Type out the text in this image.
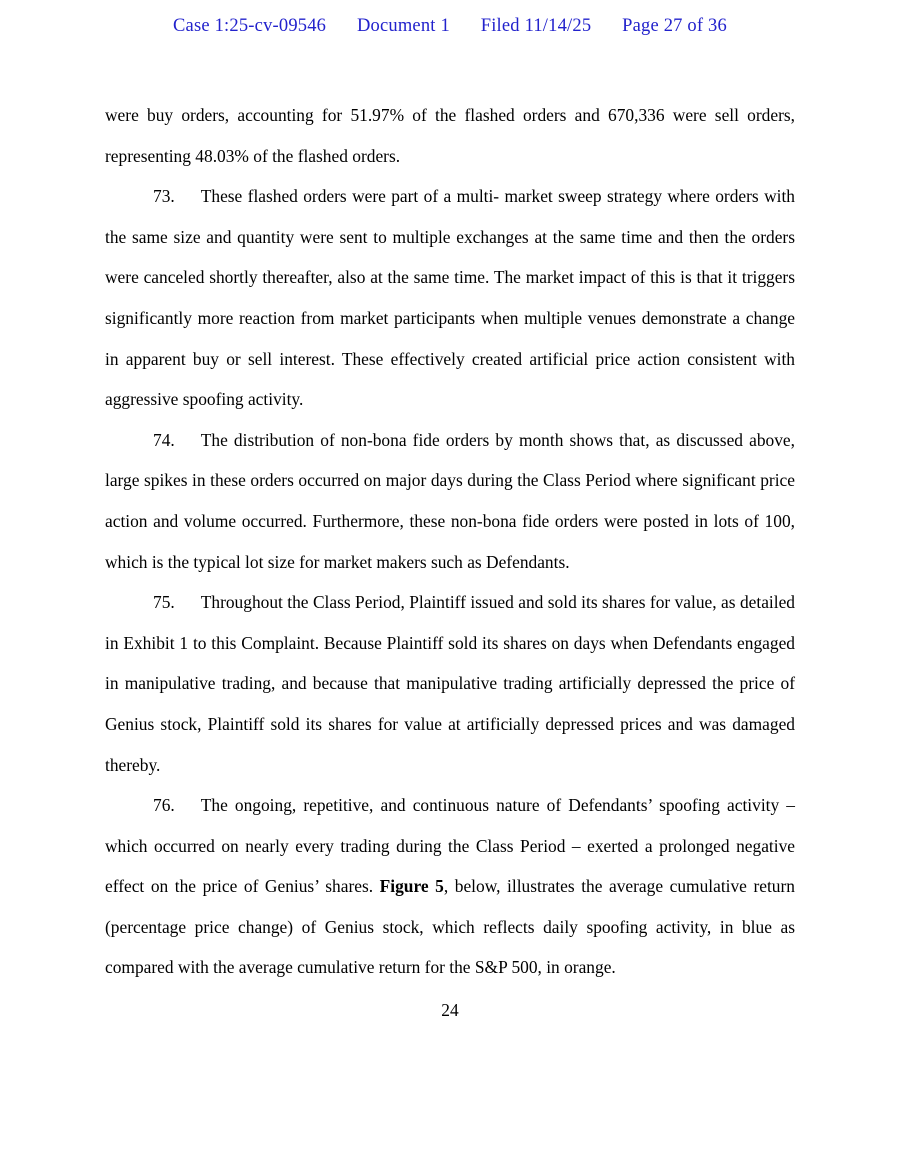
Case 1:25-cv-09546 Document 1 Filed 11/14/25 Page 27 of 36

were buy orders, accounting for 51.97% of the flashed orders and 670,336 were sell orders, representing 48.03% of the flashed orders.

73. These flashed orders were part of a multi- market sweep strategy where orders with the same size and quantity were sent to multiple exchanges at the same time and then the orders were canceled shortly thereafter, also at the same time. The market impact of this is that it triggers significantly more reaction from market participants when multiple venues demonstrate a change in apparent buy or sell interest. These effectively created artificial price action consistent with aggressive spoofing activity.

74. The distribution of non-bona fide orders by month shows that, as discussed above, large spikes in these orders occurred on major days during the Class Period where significant price action and volume occurred. Furthermore, these non-bona fide orders were posted in lots of 100, which is the typical lot size for market makers such as Defendants.

75. Throughout the Class Period, Plaintiff issued and sold its shares for value, as detailed in Exhibit 1 to this Complaint. Because Plaintiff sold its shares on days when Defendants engaged in manipulative trading, and because that manipulative trading artificially depressed the price of Genius stock, Plaintiff sold its shares for value at artificially depressed prices and was damaged thereby.

76. The ongoing, repetitive, and continuous nature of Defendants’ spoofing activity – which occurred on nearly every trading during the Class Period – exerted a prolonged negative effect on the price of Genius’ shares. Figure 5, below, illustrates the average cumulative return (percentage price change) of Genius stock, which reflects daily spoofing activity, in blue as compared with the average cumulative return for the S&P 500, in orange.

24
